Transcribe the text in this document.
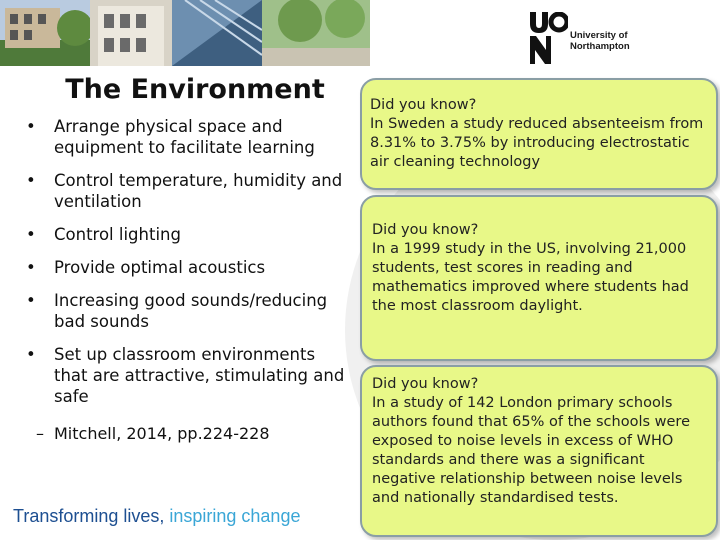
University of
Northampton
The Environment
• Arrange physical space and equipment to facilitate learning
• Control temperature, humidity and ventilation
• Control lighting
• Provide optimal acoustics
• Increasing good sounds/reducing bad sounds
• Set up classroom environments that are attractive, stimulating and safe
– Mitchell, 2014, pp.224-228
Transforming lives, inspiring change
Did you know?
In Sweden a study reduced absenteeism from 8.31% to 3.75% by introducing electrostatic air cleaning technology
Did you know?
In a 1999 study in the US, involving 21,000 students, test scores in reading and mathematics improved where students had the most classroom daylight.
Did you know?
In a study of 142 London primary schools authors found that 65% of the schools were exposed to noise levels in excess of WHO standards and there was a significant negative relationship between noise levels and nationally standardised tests.
